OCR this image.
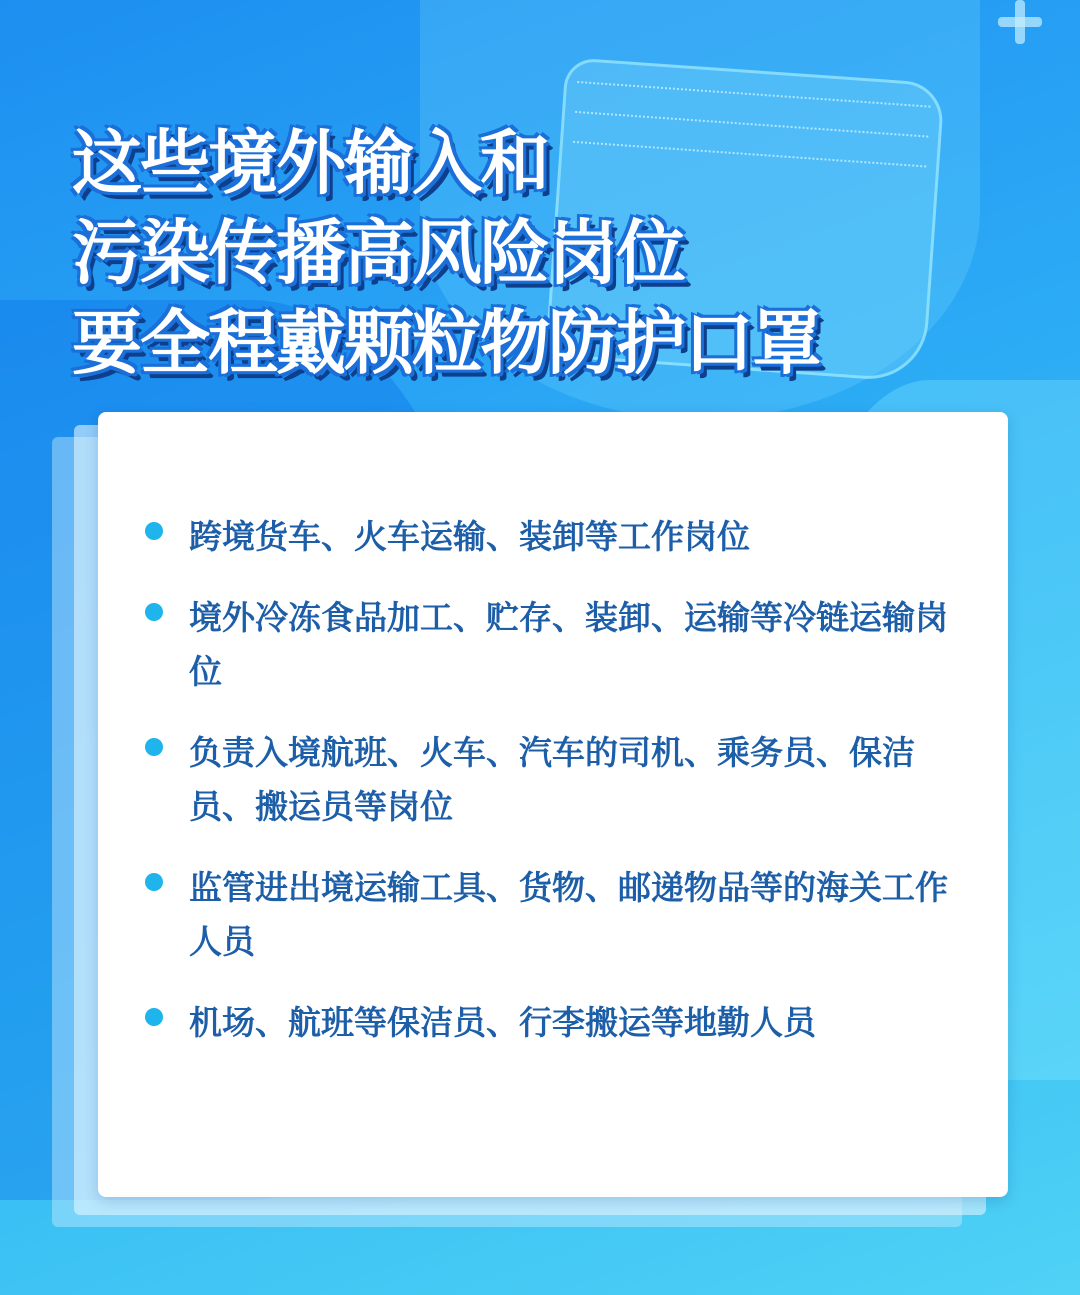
这些境外输入和
污染传播高风险岗位
要全程戴颗粒物防护口罩
跨境货车、火车运输、装卸等工作岗位
境外冷冻食品加工、贮存、装卸、运输等冷链运输岗位
负责入境航班、火车、汽车的司机、乘务员、保洁员、搬运员等岗位
监管进出境运输工具、货物、邮递物品等的海关工作人员
机场、航班等保洁员、行李搬运等地勤人员
